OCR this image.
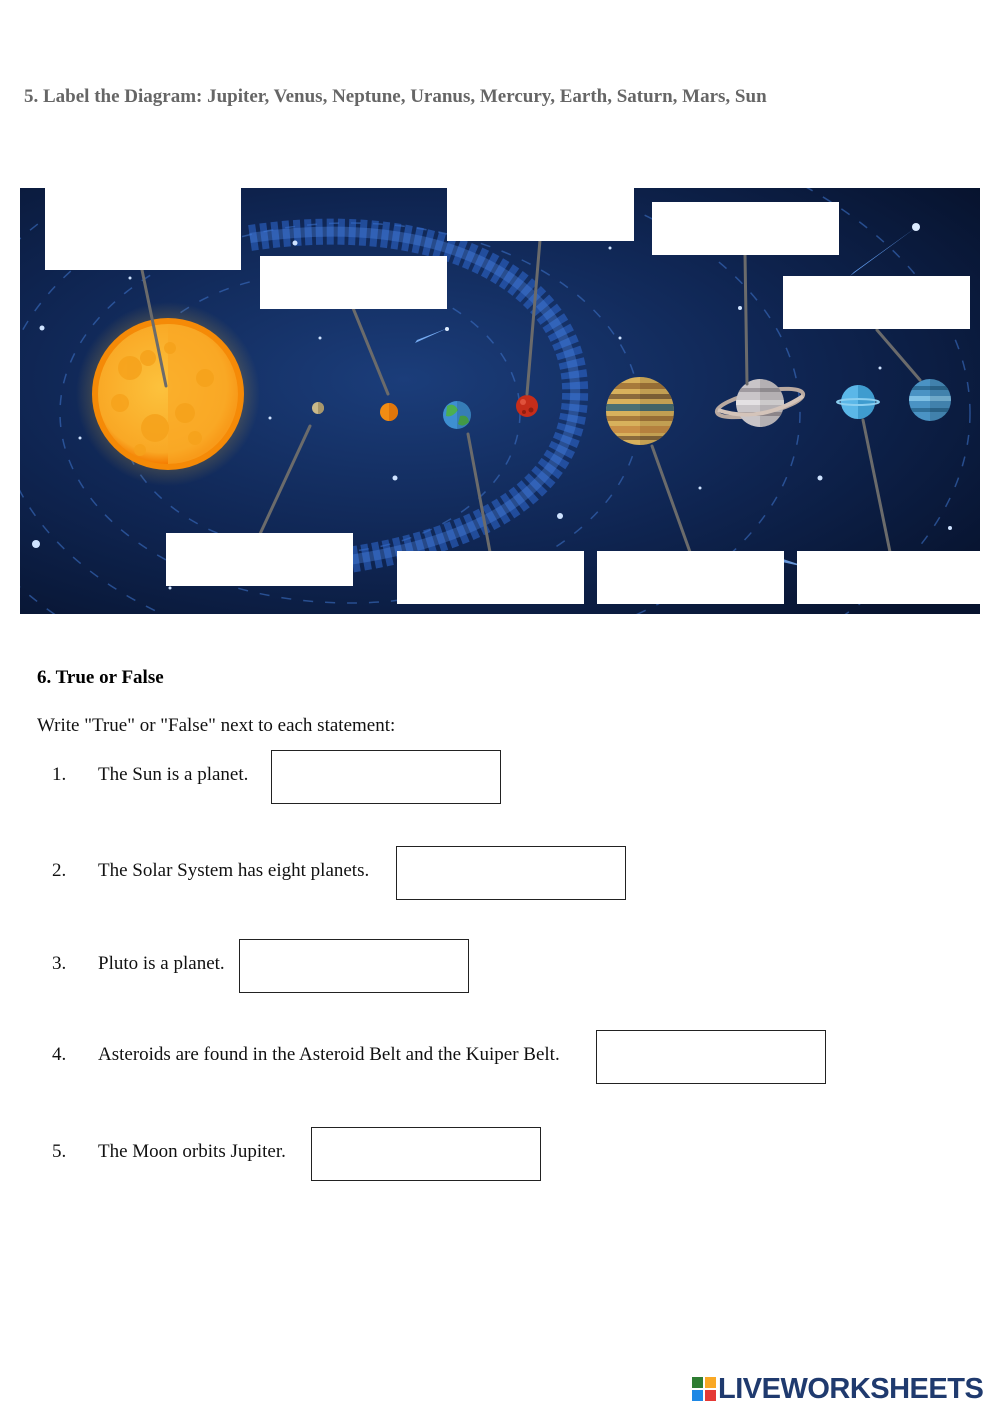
5. Label the Diagram: Jupiter, Venus, Neptune, Uranus, Mercury, Earth, Saturn, Mars, Sun
6. True or False
Write "True" or "False" next to each statement:
1. The Sun is a planet.
2. The Solar System has eight planets.
3. Pluto is a planet.
4. Asteroids are found in the Asteroid Belt and the Kuiper Belt.
5. The Moon orbits Jupiter.
LIVEWORKSHEETS
